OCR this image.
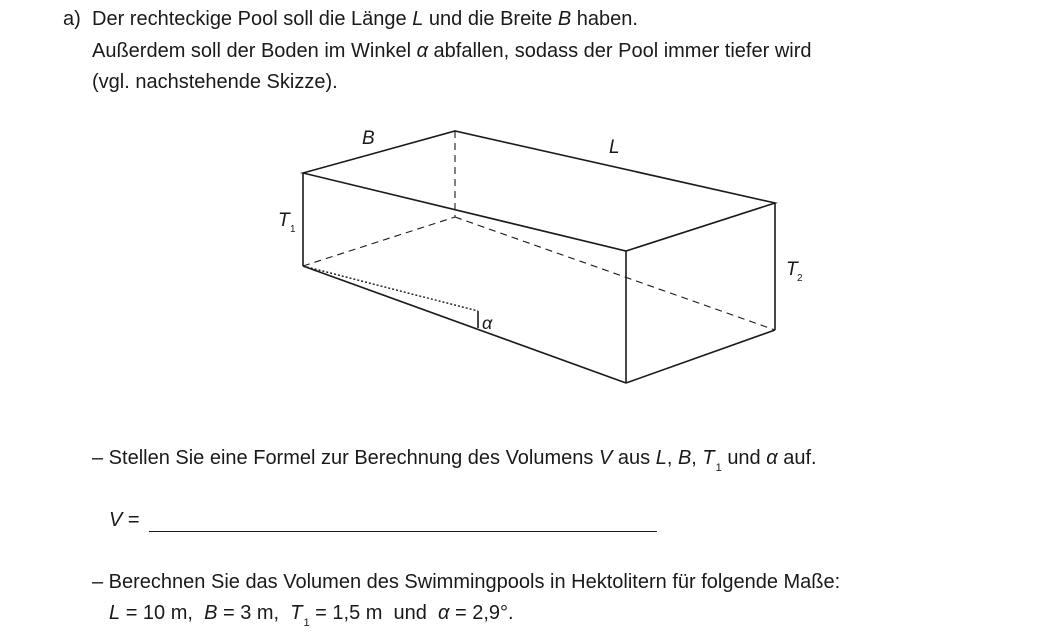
a) Der rechteckige Pool soll die Länge L und die Breite B haben.
Außerdem soll der Boden im Winkel α abfallen, sodass der Pool immer tiefer wird
(vgl. nachstehende Skizze).
B	L
T 1
T 2
α
– Stellen Sie eine Formel zur Berechnung des Volumens V aus L, B, $T_1$ und α auf.
V =
– Berechnen Sie das Volumen des Swimmingpools in Hektolitern für folgende Maße:
L = 10 m, B = 3 m, $T_1 = 1,5$ m und α = 2,9°.
